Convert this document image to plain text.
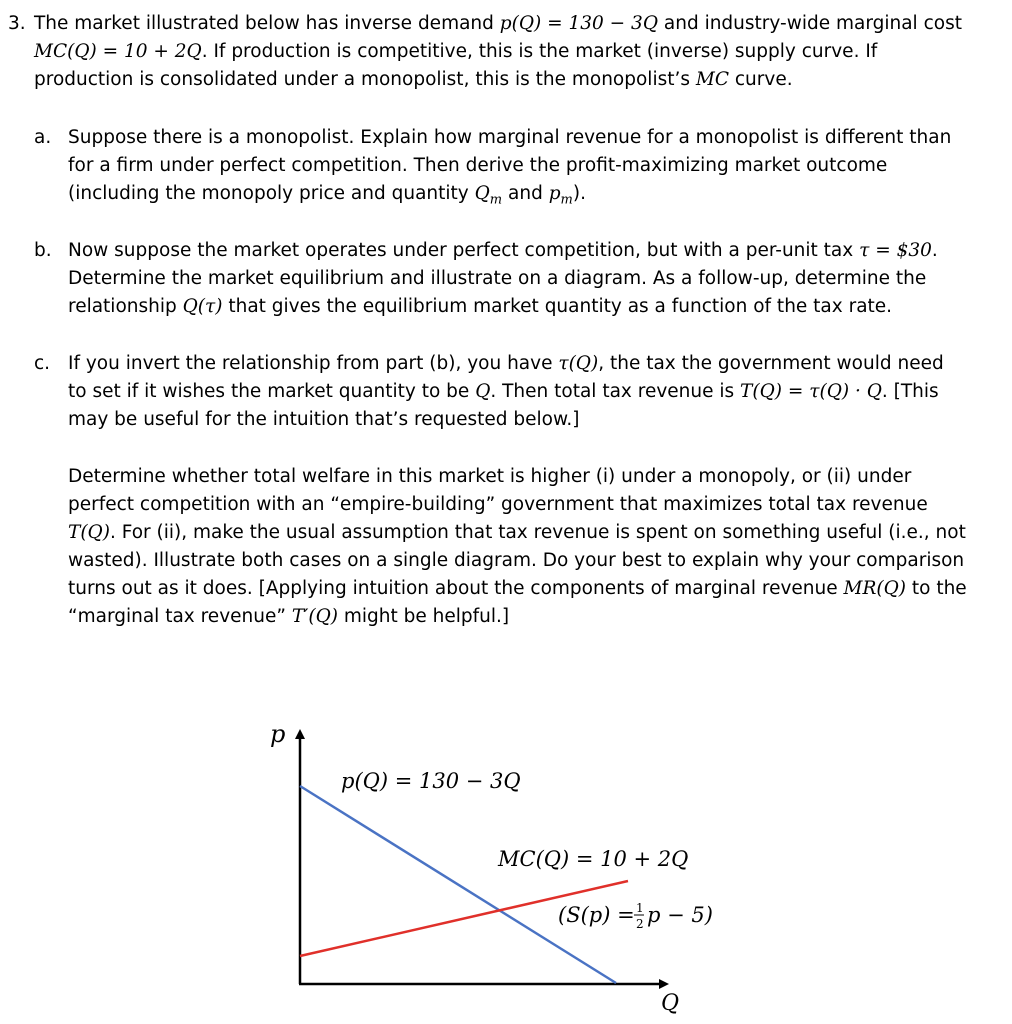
3. The market illustrated below has inverse demand p(Q) = 130 − 3Q and industry-wide marginal cost MC(Q) = 10 + 2Q. If production is competitive, this is the market (inverse) supply curve. If production is consolidated under a monopolist, this is the monopolist’s MC curve.
a. Suppose there is a monopolist. Explain how marginal revenue for a monopolist is different than for a firm under perfect competition. Then derive the profit-maximizing market outcome (including the monopoly price and quantity $Q_m$ and $p_m$).
b. Now suppose the market operates under perfect competition, but with a per-unit tax τ = $30. Determine the market equilibrium and illustrate on a diagram. As a follow-up, determine the relationship Q(τ) that gives the equilibrium market quantity as a function of the tax rate.
c. If you invert the relationship from part (b), you have τ(Q), the tax the government would need to set if it wishes the market quantity to be Q. Then total tax revenue is T(Q) = τ(Q) · Q. [This may be useful for the intuition that’s requested below.]
Determine whether total welfare in this market is higher (i) under a monopoly, or (ii) under perfect competition with an “empire-building” government that maximizes total tax revenue T(Q). For (ii), make the usual assumption that tax revenue is spent on something useful (i.e., not wasted). Illustrate both cases on a single diagram. Do your best to explain why your comparison turns out as it does. [Applying intuition about the components of marginal revenue MR(Q) to the “marginal tax revenue” T′(Q) might be helpful.]
p
Q
p(Q) = 130 − 3Q
MC(Q) = 10 + 2Q
(S(p) = 1
2 p − 5)
